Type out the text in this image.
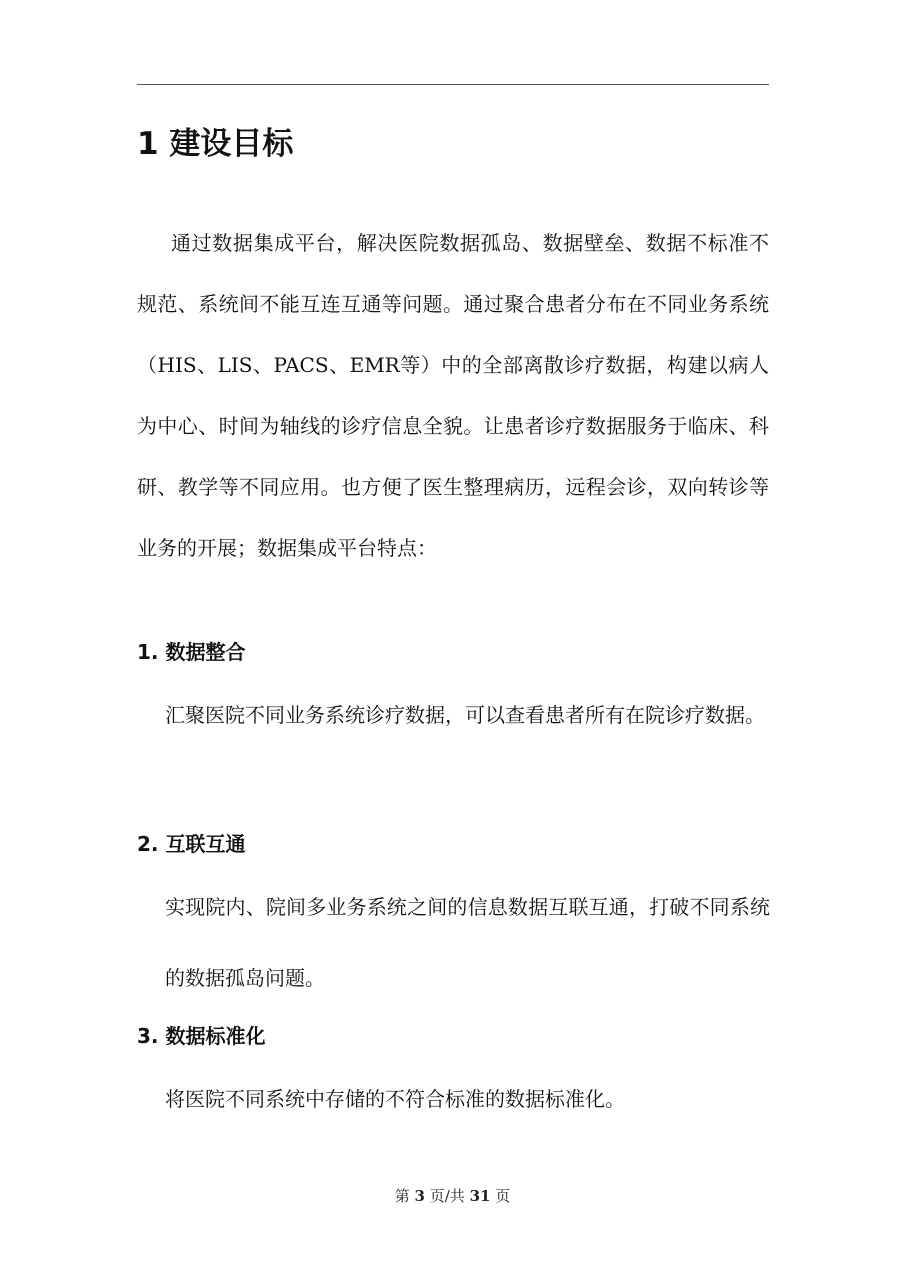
1 建设目标

通过数据集成平台，解决医院数据孤岛、数据壁垒、数据不标准不规范、系统间不能互连互通等问题。通过聚合患者分布在不同业务系统（HIS、LIS、PACS、EMR等）中的全部离散诊疗数据，构建以病人为中心、时间为轴线的诊疗信息全貌。让患者诊疗数据服务于临床、科研、教学等不同应用。也方便了医生整理病历，远程会诊，双向转诊等业务的开展；数据集成平台特点：

1. 数据整合

汇聚医院不同业务系统诊疗数据，可以查看患者所有在院诊疗数据。

2. 互联互通

实现院内、院间多业务系统之间的信息数据互联互通，打破不同系统的数据孤岛问题。

3. 数据标准化

将医院不同系统中存储的不符合标准的数据标准化。

第 3 页/共 31 页
